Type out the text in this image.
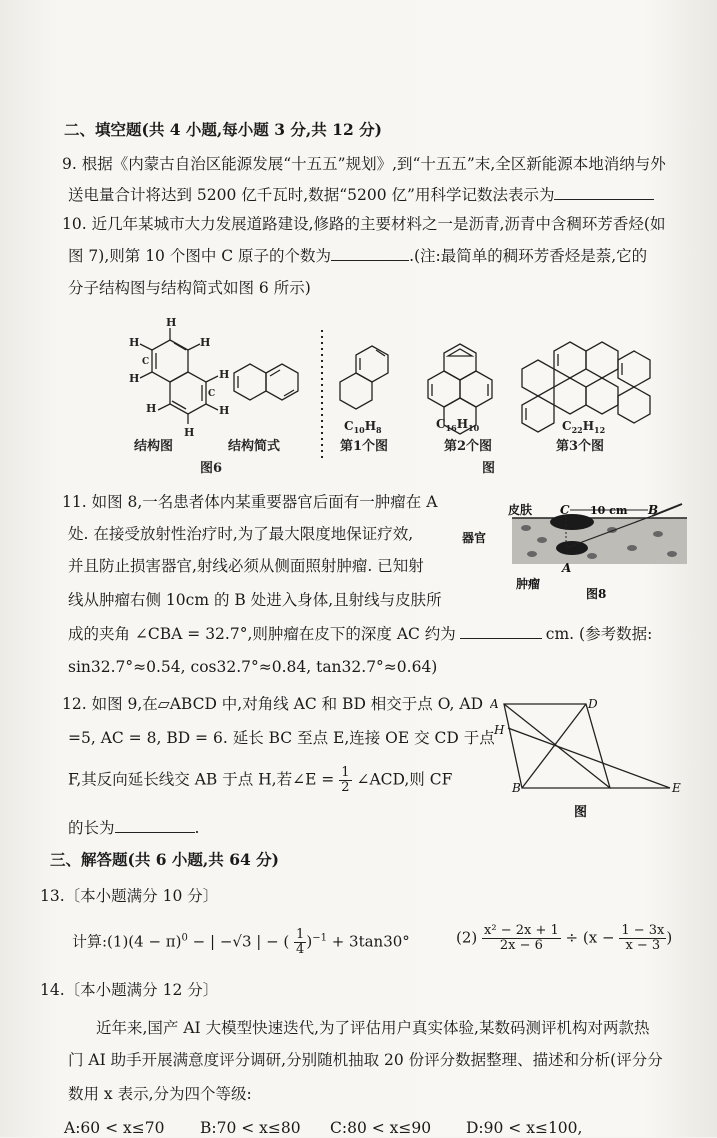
二、填空题(共 4 小题,每小题 3 分,共 12 分)
9. 根据《内蒙古自治区能源发展“十五五”规划》,到“十五五”末,全区新能源本地消纳与外
送电量合计将达到 5200 亿千瓦时,数据“5200 亿”用科学记数法表示为
10. 近几年某城市大力发展道路建设,修路的主要材料之一是沥青,沥青中含稠环芳香烃(如
图 7),则第 10 个图中 C 原子的个数为	.(注:最简单的稠环芳香烃是萘,它的
分子结构图与结构简式如图 6 所示)
H
H
H
H	H
H	H
H
C
C
$C_{10}H_8$	$C_{16}H_{10}$	$C_{22}H_{12}$
结构图	结构简式
图6
第1个图	第2个图	第3个图
图
11. 如图 8,一名患者体内某重要器官后面有一肿瘤在 A
处. 在接受放射性治疗时,为了最大限度地保证疗效,
并且防止损害器官,射线必须从侧面照射肿瘤. 已知射
线从肿瘤右侧 10cm 的 B 处进入身体,且射线与皮肤所
成的夹角 ∠CBA = 32.7°,则肿瘤在皮下的深度 AC 约为	cm. (参考数据:
sin32.7°≈0.54, cos32.7°≈0.84, tan32.7°≈0.64)
皮肤
器官
肿瘤
10 cm
C	B
A
图8
12. 如图 9,在▱ABCD 中,对角线 AC 和 BD 相交于点 O, AD
=5, AC = 8, BD = 6. 延长 BC 至点 E,连接 OE 交 CD 于点
F,其反向延长线交 AB 于点 H,若∠E = $\frac{1}{2}$ ∠ACD,则 CF
的长为	.
A	D
H
B	E
图
三、解答题(共 6 小题,共 64 分)
13.〔本小题满分 10 分〕
计算:(1)(4 − π)$^0$ − | −√3 | − ( $\frac{1}{4} )^{-1} + 3\tan 30^\circ$	$(2) \frac{\text{x² − 2x + 1}}{2x - 6} \div (x - \frac{1 - 3x}{x - 3}$ )
14.〔本小题满分 12 分〕
近年来,国产 AI 大模型快速迭代,为了评估用户真实体验,某数码测评机构对两款热
门 AI 助手开展满意度评分调研,分别随机抽取 20 份评分数据整理、描述和分析(评分分
数用 x 表示,分为四个等级:
A:60 < x≤70 B:70 < x≤80 C:80 < x≤90 D:90 < x≤100,
